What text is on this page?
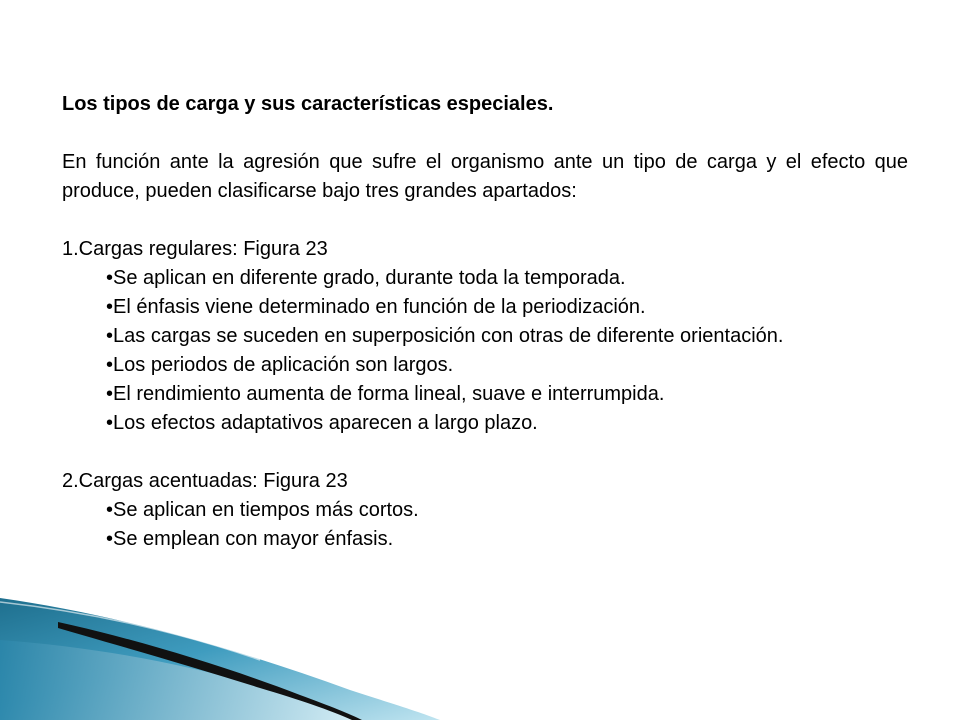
Los tipos de carga y sus características especiales.
En función ante la agresión que sufre el organismo ante un tipo de carga y el efecto que produce, pueden clasificarse bajo tres grandes apartados:
1.Cargas regulares: Figura 23
•Se aplican en diferente grado, durante toda la temporada.
•El énfasis viene determinado en función de la periodización.
•Las cargas se suceden en superposición con otras de diferente orientación.
•Los periodos de aplicación son largos.
•El rendimiento aumenta de forma lineal, suave e interrumpida.
•Los efectos adaptativos aparecen a largo plazo.
2.Cargas acentuadas: Figura 23
•Se aplican en tiempos más cortos.
•Se emplean con mayor énfasis.
